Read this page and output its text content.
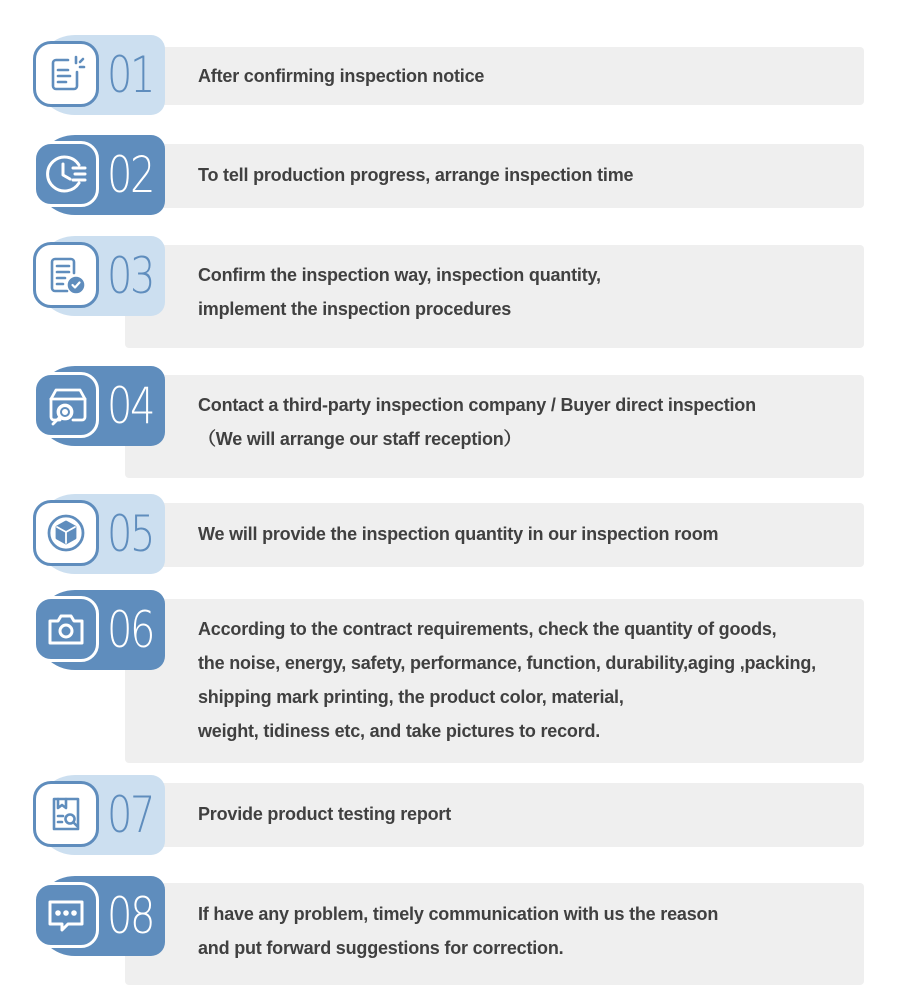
01 After confirming inspection notice
02 To tell production progress, arrange inspection time
03 Confirm the inspection way, inspection quantity,
implement the inspection procedures
04 Contact a third-party inspection company / Buyer direct inspection
（We will arrange our staff reception）
05 We will provide the inspection quantity in our inspection room
06 According to the contract requirements, check the quantity of goods,
the noise, energy, safety, performance, function, durability,aging ,packing,
shipping mark printing, the product color, material,
weight, tidiness etc, and take pictures to record.
07 Provide product testing report
08 If have any problem, timely communication with us the reason
and put forward suggestions for correction.
